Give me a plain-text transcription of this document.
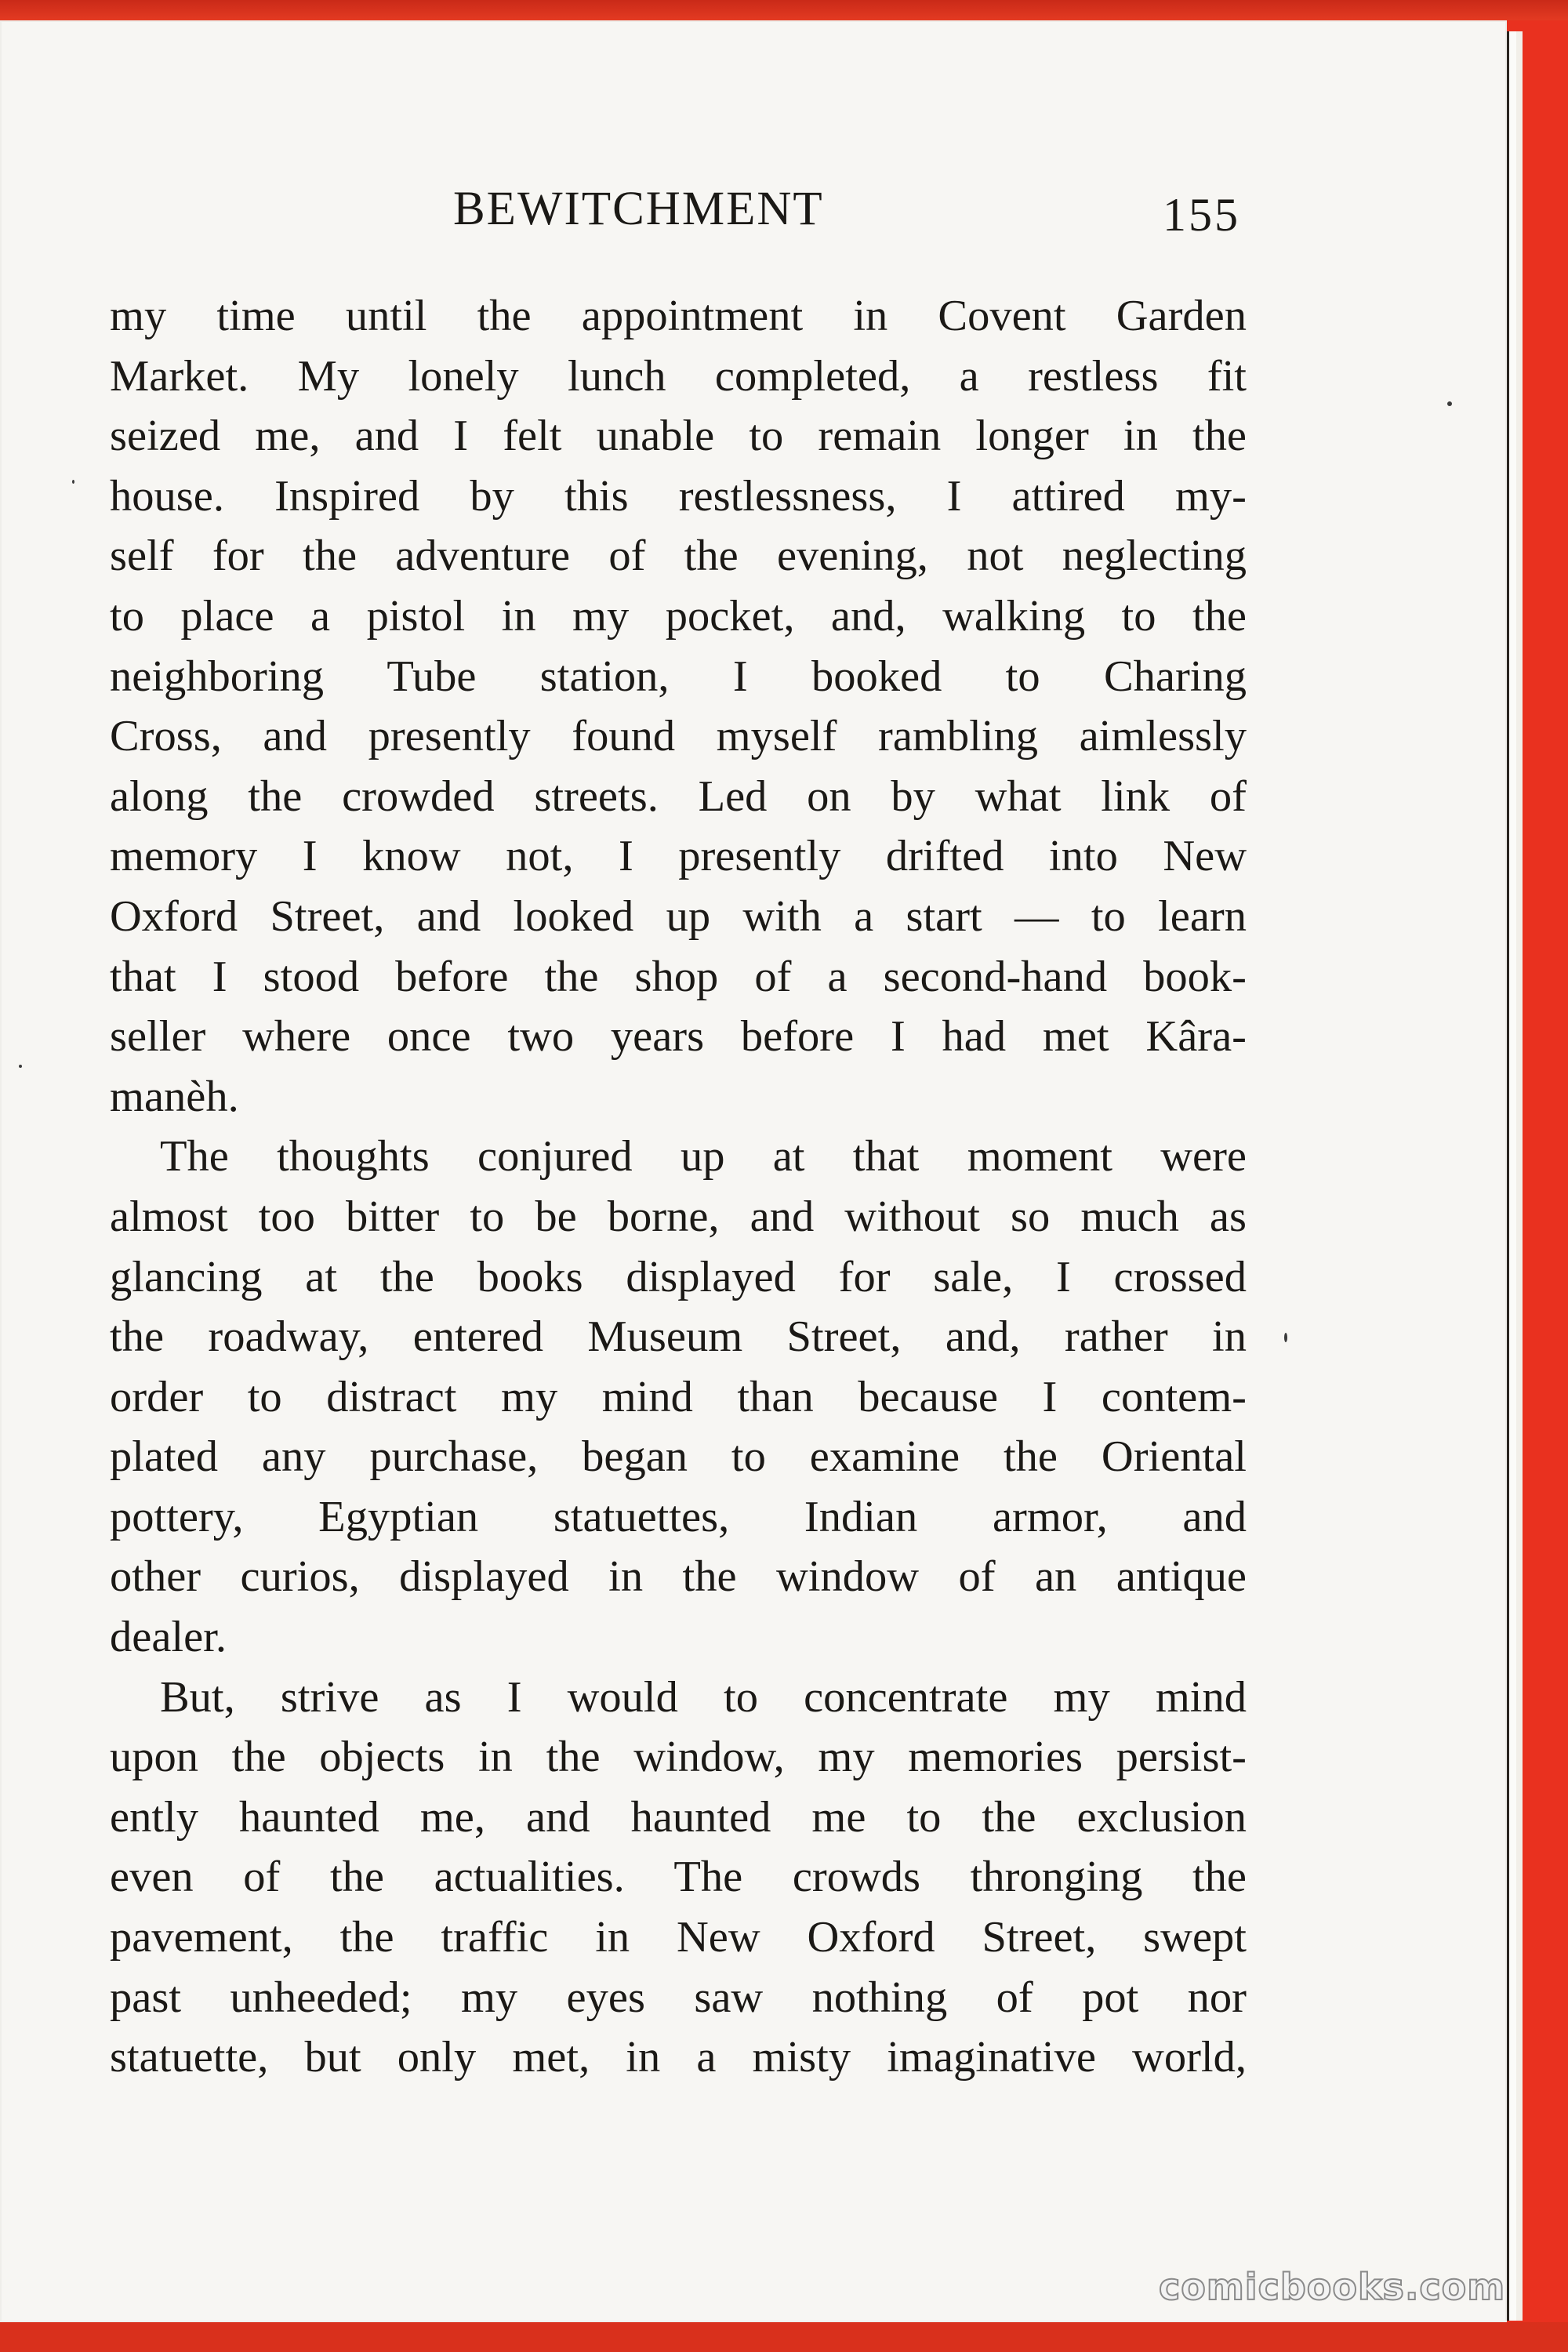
BEWITCHMENT	155
my time until the appointment in Covent Garden
Market. My lonely lunch completed, a restless fit
seized me, and I felt unable to remain longer in the
house. Inspired by this restlessness, I attired my-
self for the adventure of the evening, not neglecting
to place a pistol in my pocket, and, walking to the
neighboring Tube station, I booked to Charing
Cross, and presently found myself rambling aimlessly
along the crowded streets. Led on by what link of
memory I know not, I presently drifted into New
Oxford Street, and looked up with a start — to learn
that I stood before the shop of a second-hand book-
seller where once two years before I had met Kâra-
manèh.
The thoughts conjured up at that moment were
almost too bitter to be borne, and without so much as
glancing at the books displayed for sale, I crossed
the roadway, entered Museum Street, and, rather in
order to distract my mind than because I contem-
plated any purchase, began to examine the Oriental
pottery, Egyptian statuettes, Indian armor, and
other curios, displayed in the window of an antique
dealer.
But, strive as I would to concentrate my mind
upon the objects in the window, my memories persist-
ently haunted me, and haunted me to the exclusion
even of the actualities. The crowds thronging the
pavement, the traffic in New Oxford Street, swept
past unheeded; my eyes saw nothing of pot nor
statuette, but only met, in a misty imaginative world,
comicbooks.com
